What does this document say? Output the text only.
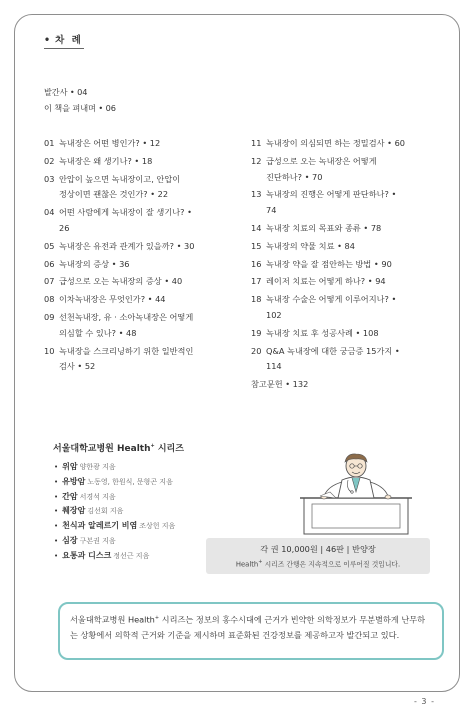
• 차 례
발간사 • 04
이 책을 펴내며 • 06
01 녹내장은 어떤 병인가? • 12
02 녹내장은 왜 생기나? • 18
03 안압이 높으면 녹내장이고, 안압이
정상이면 괜찮은 것인가? • 22
04 어떤 사람에게 녹내장이 잘 생기나? •
26
05 녹내장은 유전과 관계가 있을까? • 30
06 녹내장의 증상 • 36
07 급성으로 오는 녹내장의 증상 • 40
08 이차녹내장은 무엇인가? • 44
09 선천녹내장, 유 · 소아녹내장은 어떻게
의심할 수 있나? • 48
10 녹내장을 스크리닝하기 위한 일반적인
검사 • 52
11 녹내장이 의심되면 하는 정밀검사 • 60
12 급성으로 오는 녹내장은 어떻게
진단하나? • 70
13 녹내장의 진행은 어떻게 판단하나? •
74
14 녹내장 치료의 목표와 종류 • 78
15 녹내장의 약물 치료 • 84
16 녹내장 약을 잘 점안하는 방법 • 90
17 레이저 치료는 어떻게 하나? • 94
18 녹내장 수술은 어떻게 이루어지나? •
102
19 녹내장 치료 후 성공사례 • 108
20 Q&A 녹내장에 대한 궁금증 15가지 •
114
참고문헌 • 132
서울대학교병원 Health+ 시리즈
• 위암 양한광 지음
• 유방암 노동영, 한원식, 문형곤 지음
• 간암 서경석 지음
• 췌장암 김선회 지음
• 천식과 알레르기 비염 조상헌 지음
• 심장 구본권 지음
• 요통과 디스크 정선근 지음
각 권 10,000원 | 46판 | 반양장
Health+ 시리즈 간행은 지속적으로 이루어질 것입니다.
서울대학교병원 Health+ 시리즈는 정보의 홍수시대에 근거가 빈약한 의학정보가 무분별하게 난무하는 상황에서 의학적 근거와 기준을 제시하며 표준화된 건강정보를 제공하고자 발간되고 있다.
- 3 -
